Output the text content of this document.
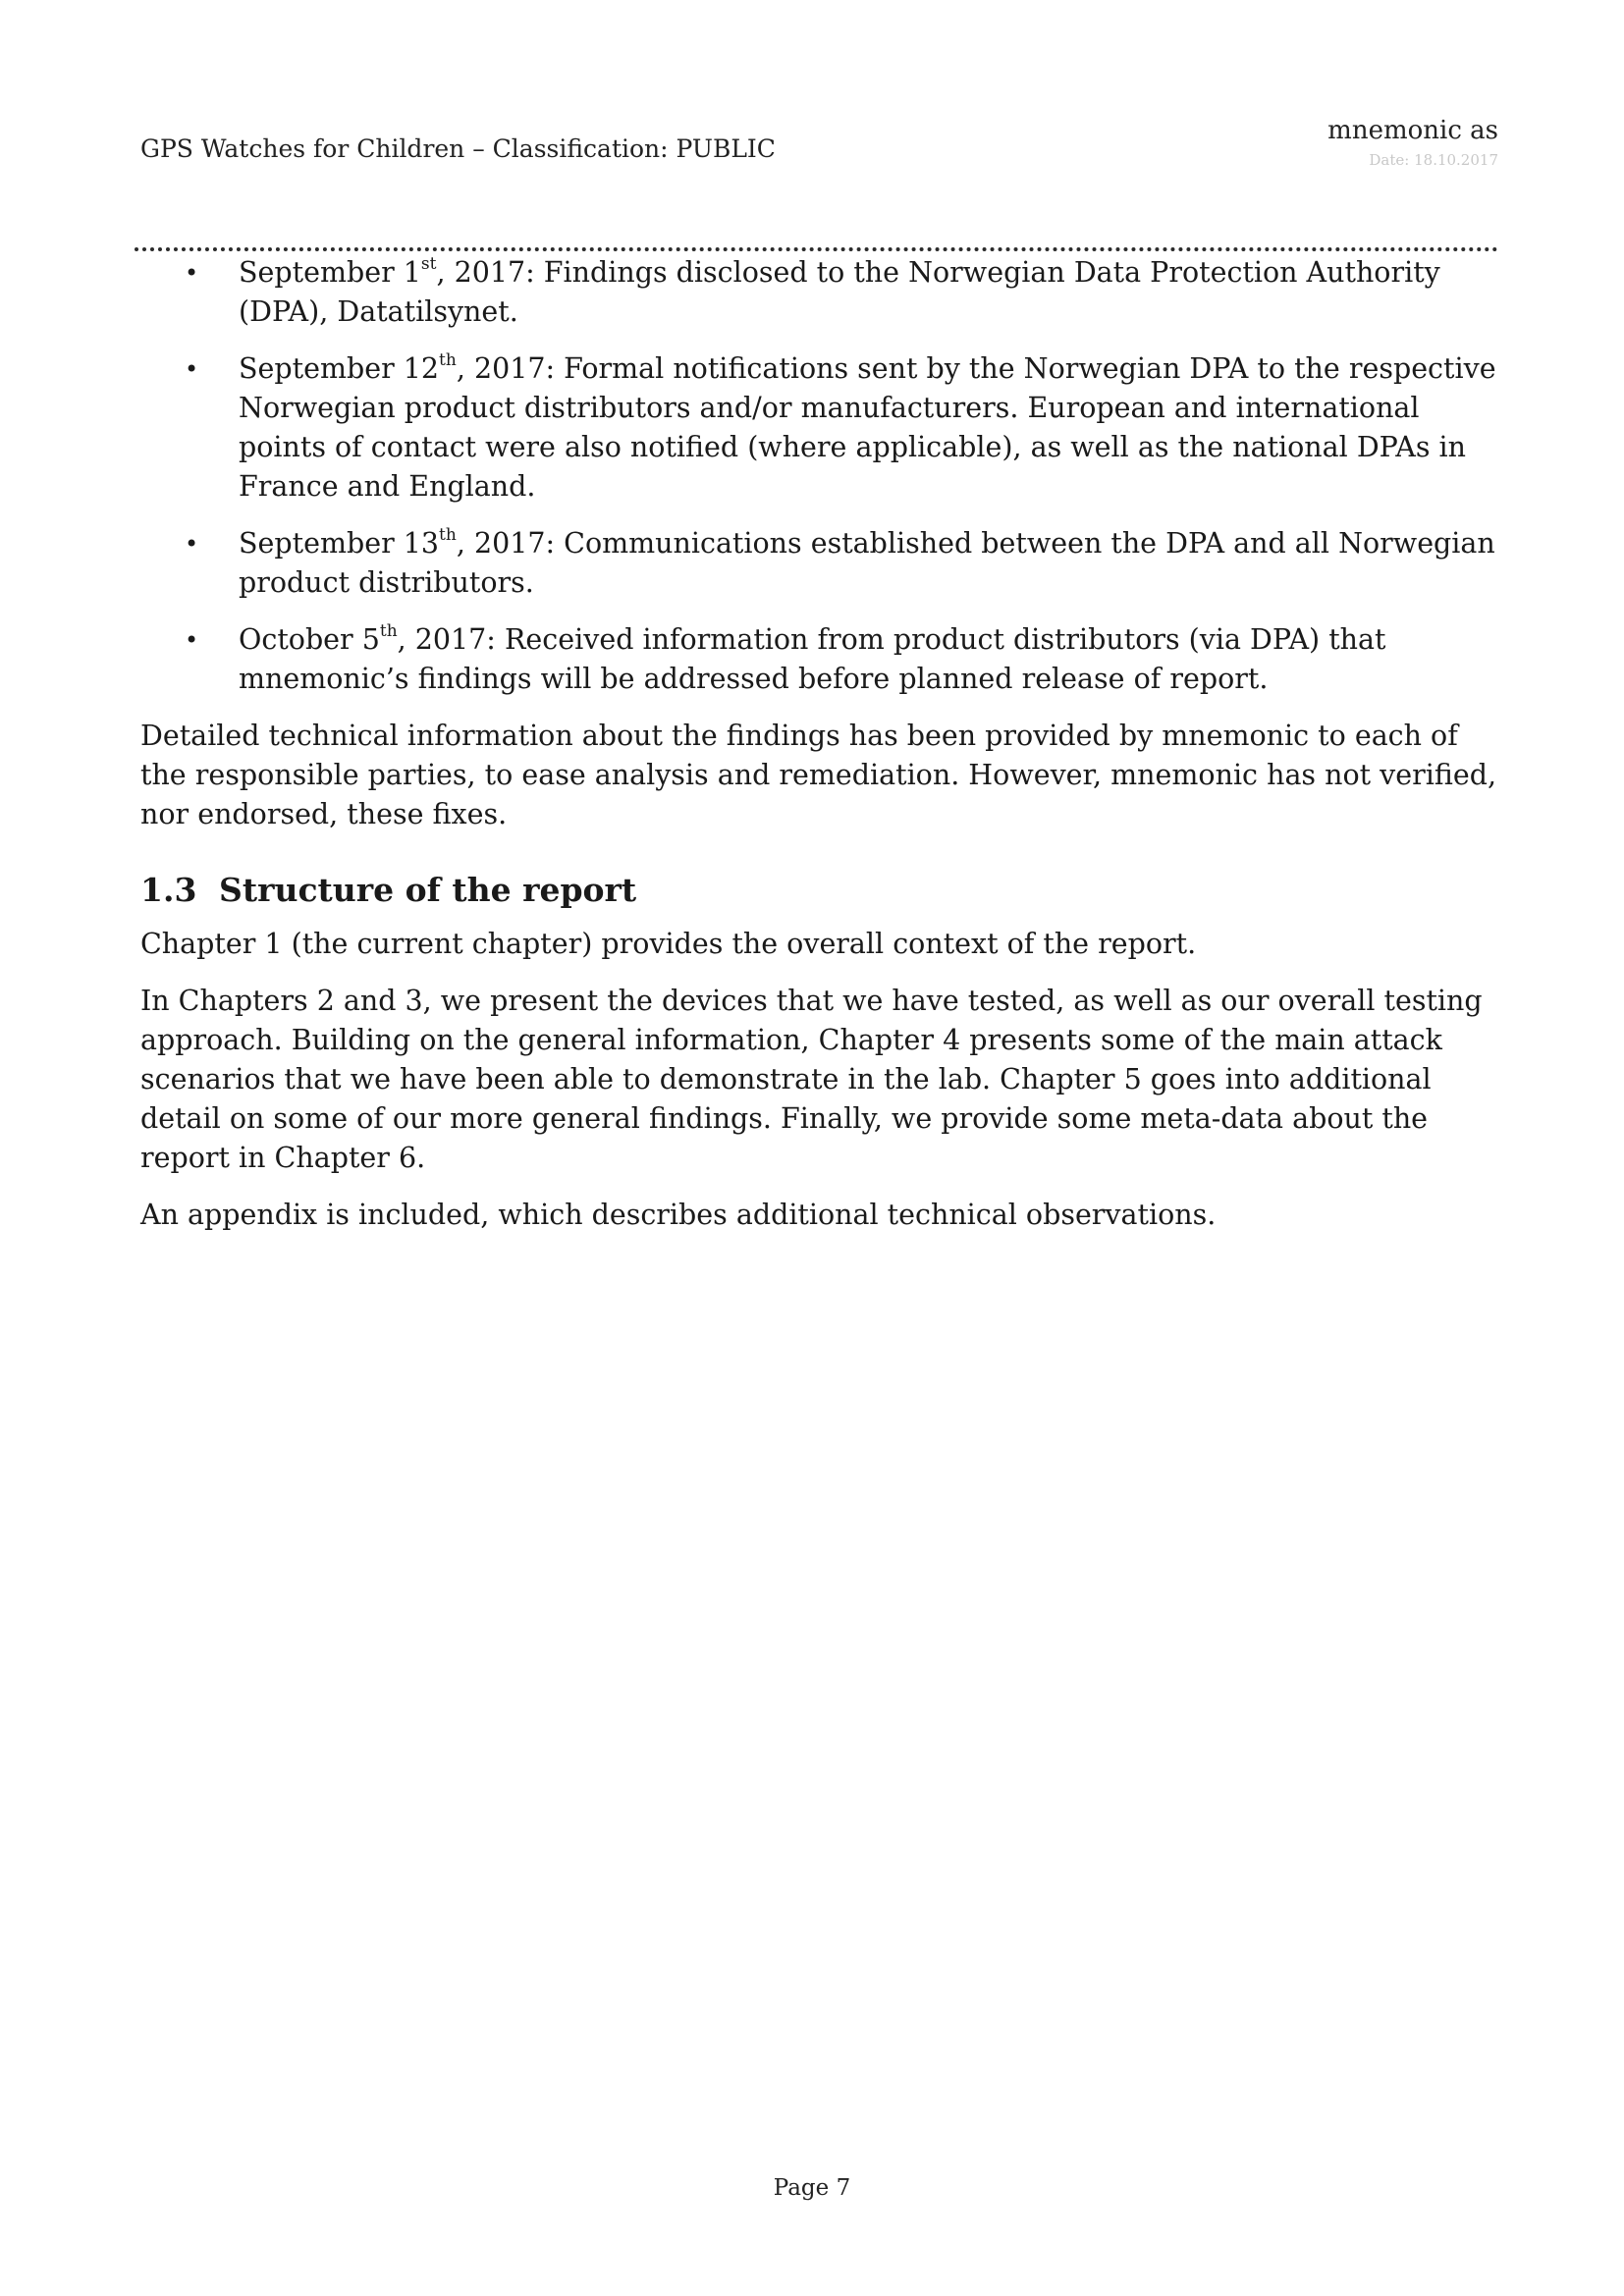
GPS Watches for Children – Classification: PUBLIC
mnemonic as
Date: 18.10.2017
• September 1st, 2017: Findings disclosed to the Norwegian Data Protection Authority (DPA), Datatilsynet.
• September 12th, 2017: Formal notifications sent by the Norwegian DPA to the respective Norwegian product distributors and/or manufacturers. European and international points of contact were also notified (where applicable), as well as the national DPAs in France and England.
• September 13th, 2017: Communications established between the DPA and all Norwegian product distributors.
• October 5th, 2017: Received information from product distributors (via DPA) that mnemonic’s findings will be addressed before planned release of report.

Detailed technical information about the findings has been provided by mnemonic to each of the responsible parties, to ease analysis and remediation. However, mnemonic has not verified, nor endorsed, these fixes.

1.3 Structure of the report

Chapter 1 (the current chapter) provides the overall context of the report.

In Chapters 2 and 3, we present the devices that we have tested, as well as our overall testing approach. Building on the general information, Chapter 4 presents some of the main attack scenarios that we have been able to demonstrate in the lab. Chapter 5 goes into additional detail on some of our more general findings. Finally, we provide some meta-data about the report in Chapter 6.

An appendix is included, which describes additional technical observations.

Page 7
